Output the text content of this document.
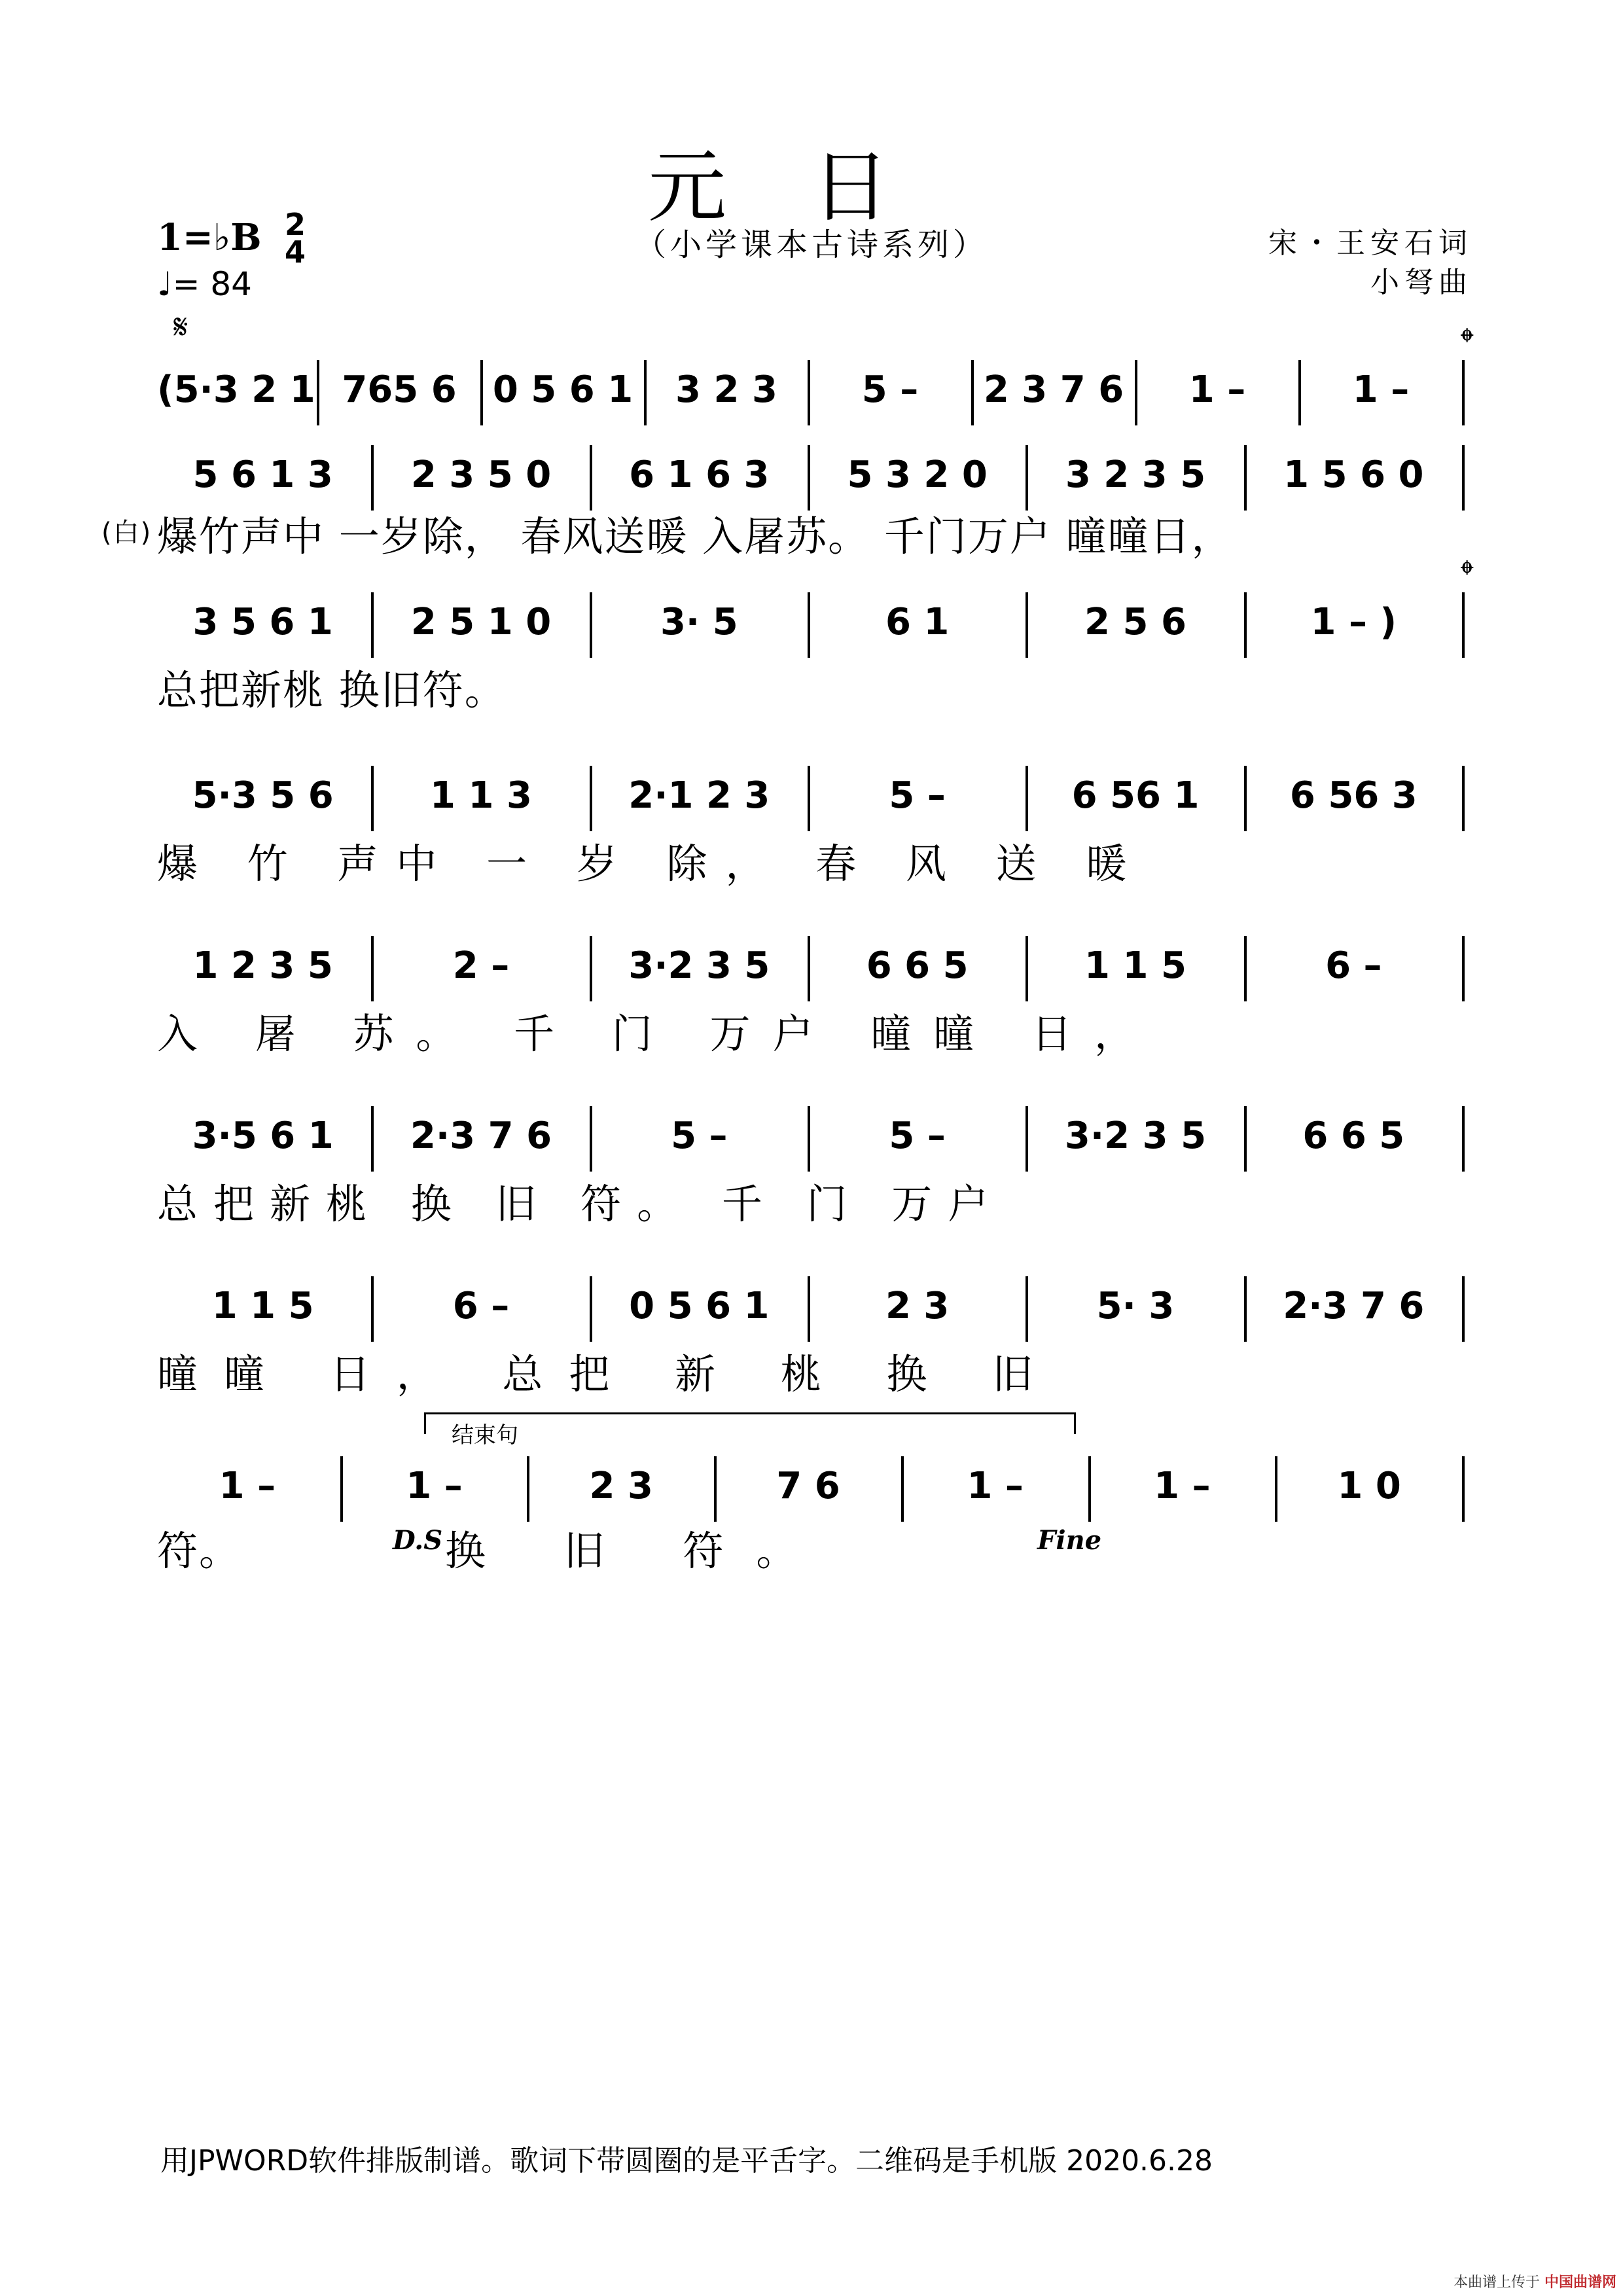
元日
（小学课本古诗系列）	宋・王安石词
小弩曲
1=♭B 2
4
♩= 84
𝄋
(5·3 2 1 765 6 0 5 6 1	3 2 3	5 –	2 3 7 6	1 –	1 –
𝄌
5 6 1 3	2 3 5 0	6 1 6 3	5 3 2 0	3 2 3 5	1 5 6 0
(白) 爆竹声中 一岁除， 春风送暖 入屠苏。 千门万户 曈曈日，
3 5 6 1	2 5 1 0	3· 5	6 1	2 5 6	1 – )
𝄌
总把新桃 换旧符。
5·3 5 6	1 1 3	2·1 2 3	5 –	6 56 1	6 56 3
爆 竹 声中 一 岁 除， 春 风 送 暖
1 2 3 5	2 –	3·2 3 5	6 6 5	1 1 5	6 –
入 屠 苏。 千 门 万户 曈曈 日，
3·5 6 1	2·3 7 6	5 –	5 –	3·2 3 5	6 6 5
总把新桃 换 旧 符。 千 门 万户
1 1 5	6 –	0 5 6 1	2 3	5· 3	2·3 7 6
曈曈 日， 总把 新 桃 换 旧
结束句
1 –	1 –	2 3	7 6	1 –	1 –	1 0
符。	D.S 换 旧 符。	Fine
用JPWORD软件排版制谱。歌词下带圆圈的是平舌字。二维码是手机版 2020.6.28
本曲谱上传于 中国曲谱网
